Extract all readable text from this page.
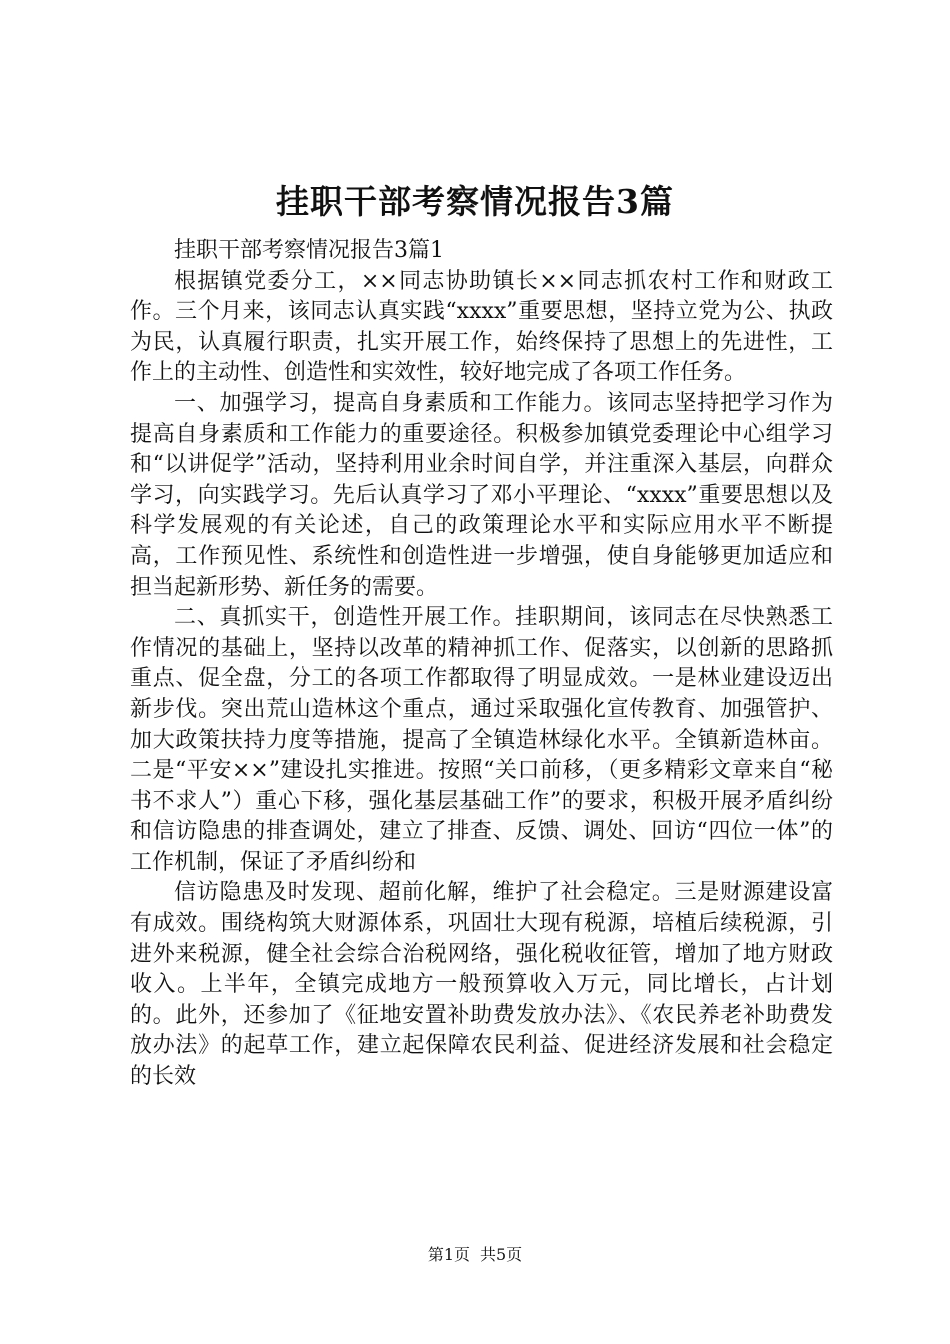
挂职干部考察情况报告3篇

挂职干部考察情况报告3篇1

根据镇党委分工，××同志协助镇长××同志抓农村工作和财政工作。三个月来，该同志认真实践“xxxx”重要思想，坚持立党为公、执政为民，认真履行职责，扎实开展工作，始终保持了思想上的先进性，工作上的主动性、创造性和实效性，较好地完成了各项工作任务。

一、加强学习，提高自身素质和工作能力。该同志坚持把学习作为提高自身素质和工作能力的重要途径。积极参加镇党委理论中心组学习和“以讲促学”活动，坚持利用业余时间自学，并注重深入基层，向群众学习，向实践学习。先后认真学习了邓小平理论、“xxxx”重要思想以及科学发展观的有关论述，自己的政策理论水平和实际应用水平不断提高，工作预见性、系统性和创造性进一步增强，使自身能够更加适应和担当起新形势、新任务的需要。

二、真抓实干，创造性开展工作。挂职期间，该同志在尽快熟悉工作情况的基础上，坚持以改革的精神抓工作、促落实，以创新的思路抓重点、促全盘，分工的各项工作都取得了明显成效。一是林业建设迈出新步伐。突出荒山造林这个重点，通过采取强化宣传教育、加强管护、加大政策扶持力度等措施，提高了全镇造林绿化水平。全镇新造林亩。二是“平安××”建设扎实推进。按照“关口前移，（更多精彩文章来自“秘书不求人”）重心下移，强化基层基础工作”的要求，积极开展矛盾纠纷和信访隐患的排查调处，建立了排查、反馈、调处、回访“四位一体”的工作机制，保证了矛盾纠纷和

信访隐患及时发现、超前化解，维护了社会稳定。三是财源建设富有成效。围绕构筑大财源体系，巩固壮大现有税源，培植后续税源，引进外来税源，健全社会综合治税网络，强化税收征管，增加了地方财政收入。上半年，全镇完成地方一般预算收入万元，同比增长，占计划的。此外，还参加了《征地安置补助费发放办法》、《农民养老补助费发放办法》的起草工作，建立起保障农民利益、促进经济发展和社会稳定的长效

第1页 共5页
